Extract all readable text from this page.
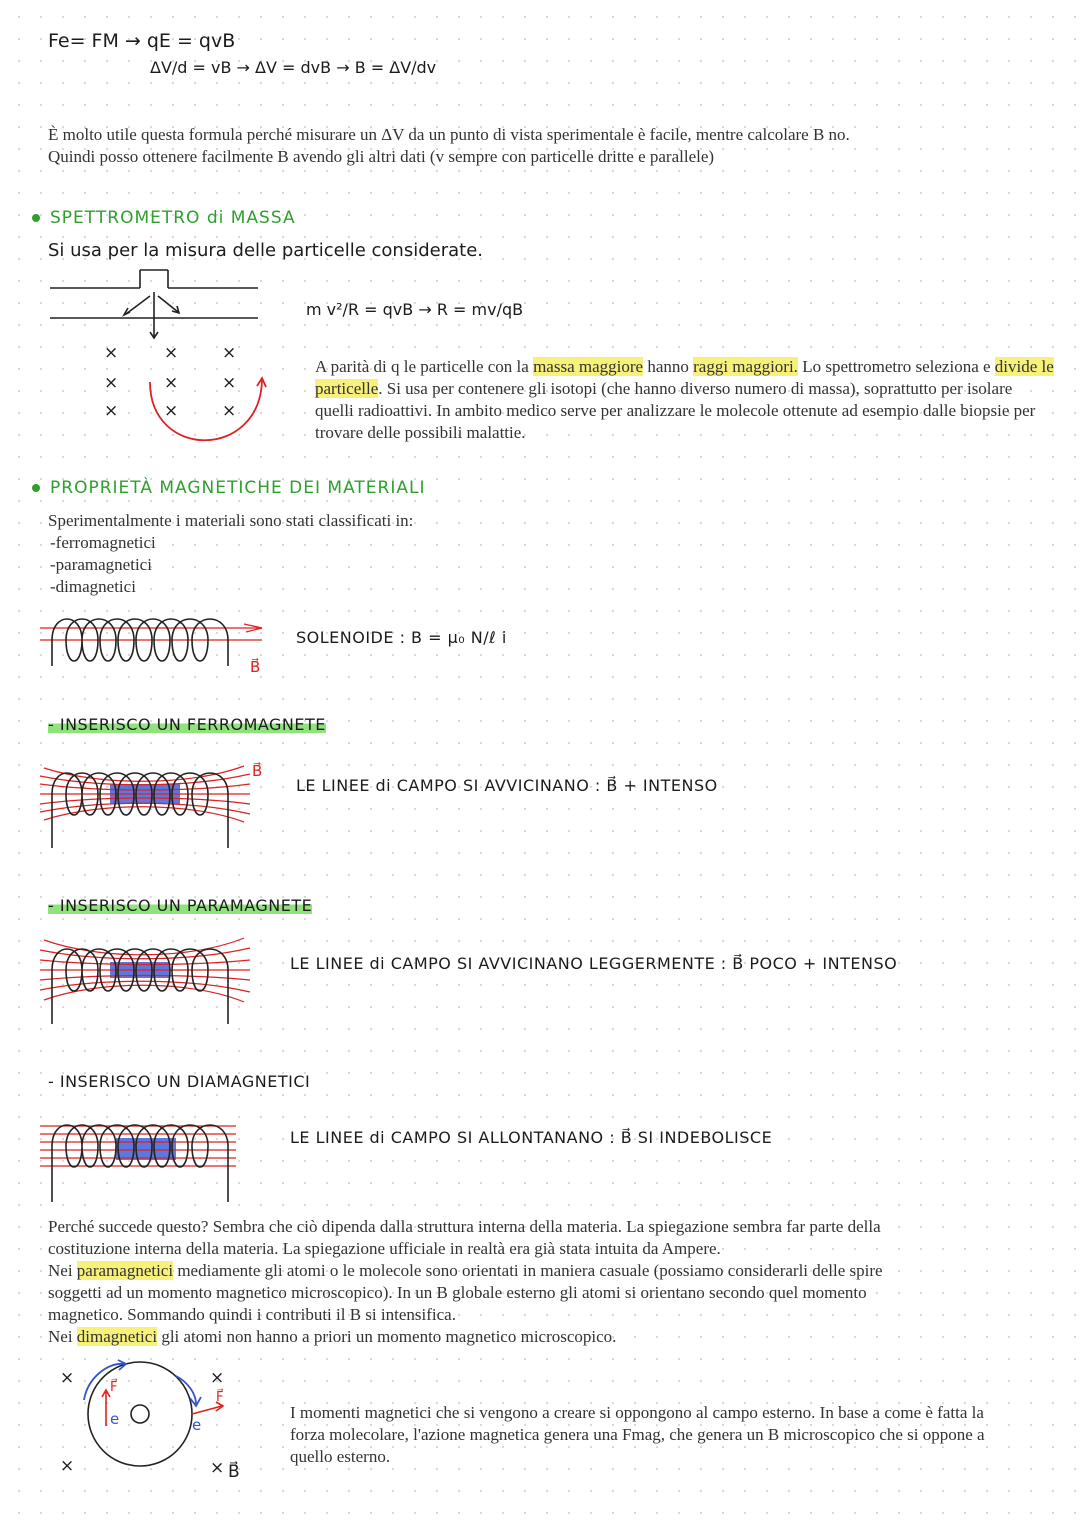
Fe= FM → qE = qvB
ΔV/d = vB → ΔV = dvB → B = ΔV/dv
È molto utile questa formula perché misurare un ΔV da un punto di vista sperimentale è facile, mentre calcolare B no.
Quindi posso ottenere facilmente B avendo gli altri dati (v sempre con particelle dritte e parallele)
SPETTROMETRO di MASSA
Si usa per la misura delle particelle considerate.
×	×	×
×	×	×
×	×	×
m v²/R = qvB → R = mv/qB
A parità di q le particelle con la massa maggiore hanno raggi maggiori. Lo spettrometro seleziona e divide le particelle. Si usa per contenere gli isotopi (che hanno diverso numero di massa), soprattutto per isolare quelli radioattivi. In ambito medico serve per analizzare le molecole ottenute ad esempio dalle biopsie per trovare delle possibili malattie.
PROPRIETÀ MAGNETICHE DEI MATERIALI
Sperimentalmente i materiali sono stati classificati in:
-ferromagnetici
-paramagnetici
-dimagnetici
B⃗
SOLENOIDE : B = μ₀ N/ℓ i
- INSERISCO UN FERROMAGNETE
B⃗
LE LINEE di CAMPO SI AVVICINANO : B⃗ + INTENSO
- INSERISCO UN PARAMAGNETE
LE LINEE di CAMPO SI AVVICINANO LEGGERMENTE : B⃗ POCO + INTENSO
- INSERISCO UN DIAMAGNETICI
LE LINEE di CAMPO SI ALLONTANANO : B⃗ SI INDEBOLISCE
Perché succede questo? Sembra che ciò dipenda dalla struttura interna della materia. La spiegazione sembra far parte della
costituzione interna della materia. La spiegazione ufficiale in realtà era già stata intuita da Ampere.
Nei paramagnetici mediamente gli atomi o le molecole sono orientati in maniera casuale (possiamo considerarli delle spire
soggetti ad un momento magnetico microscopico). In un B globale esterno gli atomi si orientano secondo quel momento
magnetico. Sommando quindi i contributi il B si intensifica.
Nei dimagnetici gli atomi non hanno a priori un momento magnetico microscopico.
×	×
×	×
F⃗
F⃗
e	e
B⃗
I momenti magnetici che si vengono a creare si oppongono al campo esterno. In base a come è fatta la forza molecolare, l'azione magnetica genera una Fmag, che genera un B microscopico che si oppone a quello esterno.
